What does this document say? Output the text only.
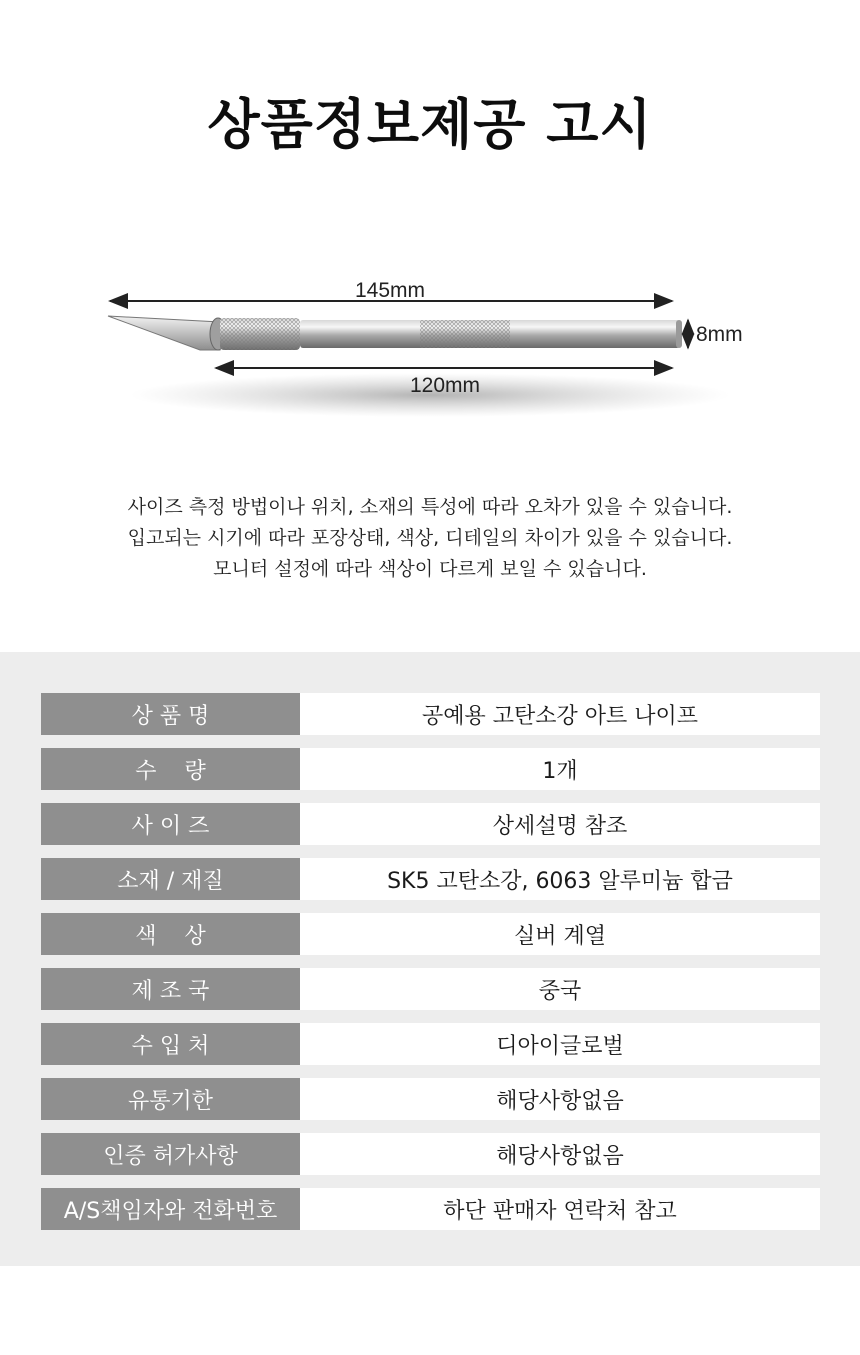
상품정보제공 고시
145mm
8mm
120mm
사이즈 측정 방법이나 위치, 소재의 특성에 따라 오차가 있을 수 있습니다.
입고되는 시기에 따라 포장상태, 색상, 디테일의 차이가 있을 수 있습니다.
모니터 설정에 따라 색상이 다르게 보일 수 있습니다.
상 품 명	공예용 고탄소강 아트 나이프
수    량	1개
사 이 즈	상세설명 참조
소재 / 재질	SK5 고탄소강, 6063 알루미늄 합금
색    상	실버 계열
제 조 국	중국
수 입 처	디아이글로벌
유통기한	해당사항없음
인증 허가사항	해당사항없음
A/S책임자와 전화번호	하단 판매자 연락처 참고
